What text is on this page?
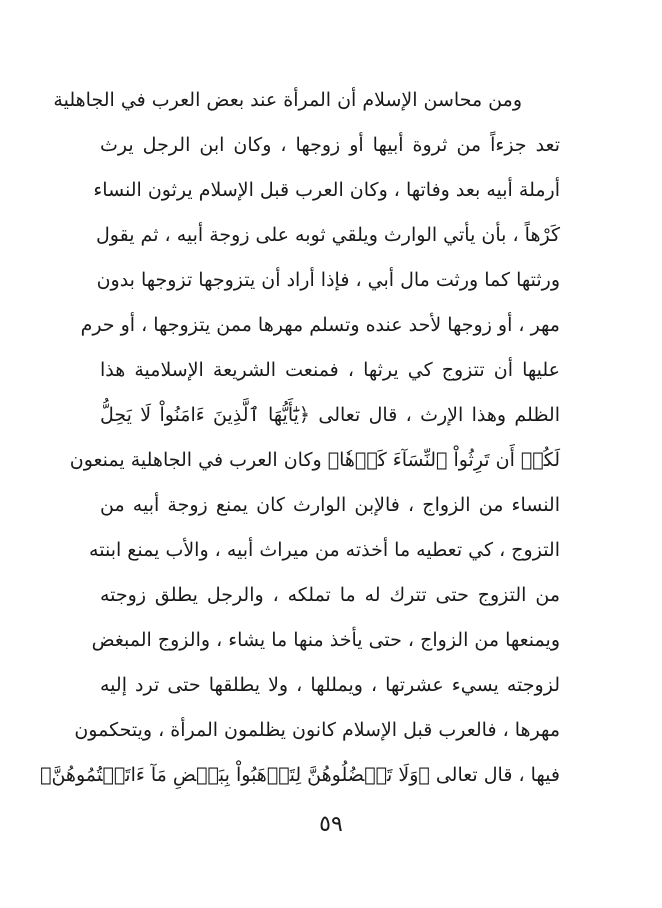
ومن محاسن الإسلام أن المرأة عند بعض العرب في الجاهلية
تعد جزءاً من ثروة أبيها أو زوجها ، وكان ابن الرجل يرث
أرملة أبيه بعد وفاتها ، وكان العرب قبل الإسلام يرثون النساء
كَرْهاً ، بأن يأتي الوارث ويلقي ثوبه على زوجة أبيه ، ثم يقول
ورثتها كما ورثت مال أبي ، فإذا أراد أن يتزوجها تزوجها بدون
مهر ، أو زوجها لأحد عنده وتسلم مهرها ممن يتزوجها ، أو حرم
عليها أن تتزوج كي يرثها ، فمنعت الشريعة الإسلامية هذا
الظلم وهذا الإرث ، قال تعالى ﴿يَٰٓأَيُّهَا ٱلَّذِينَ ءَامَنُواْ لَا يَحِلُّ
لَكُمۡ أَن تَرِثُواْ ٱلنِّسَآءَ كَرۡهٗا﴾ وكان العرب في الجاهلية يمنعون
النساء من الزواج ، فالإبن الوارث كان يمنع زوجة أبيه من
التزوج ، كي تعطيه ما أخذته من ميراث أبيه ، والأب يمنع ابنته
من التزوج حتى تترك له ما تملكه ، والرجل يطلق زوجته
ويمنعها من الزواج ، حتى يأخذ منها ما يشاء ، والزوج المبغض
لزوجته يسيء عشرتها ، ويمللها ، ولا يطلقها حتى ترد إليه
مهرها ، فالعرب قبل الإسلام كانون يظلمون المرأة ، ويتحكمون
فيها ، قال تعالى ﴿وَلَا تَعۡضُلُوهُنَّ لِتَذۡهَبُواْ بِبَعۡضِ مَآ ءَاتَيۡتُمُوهُنَّ﴾
٥٩
